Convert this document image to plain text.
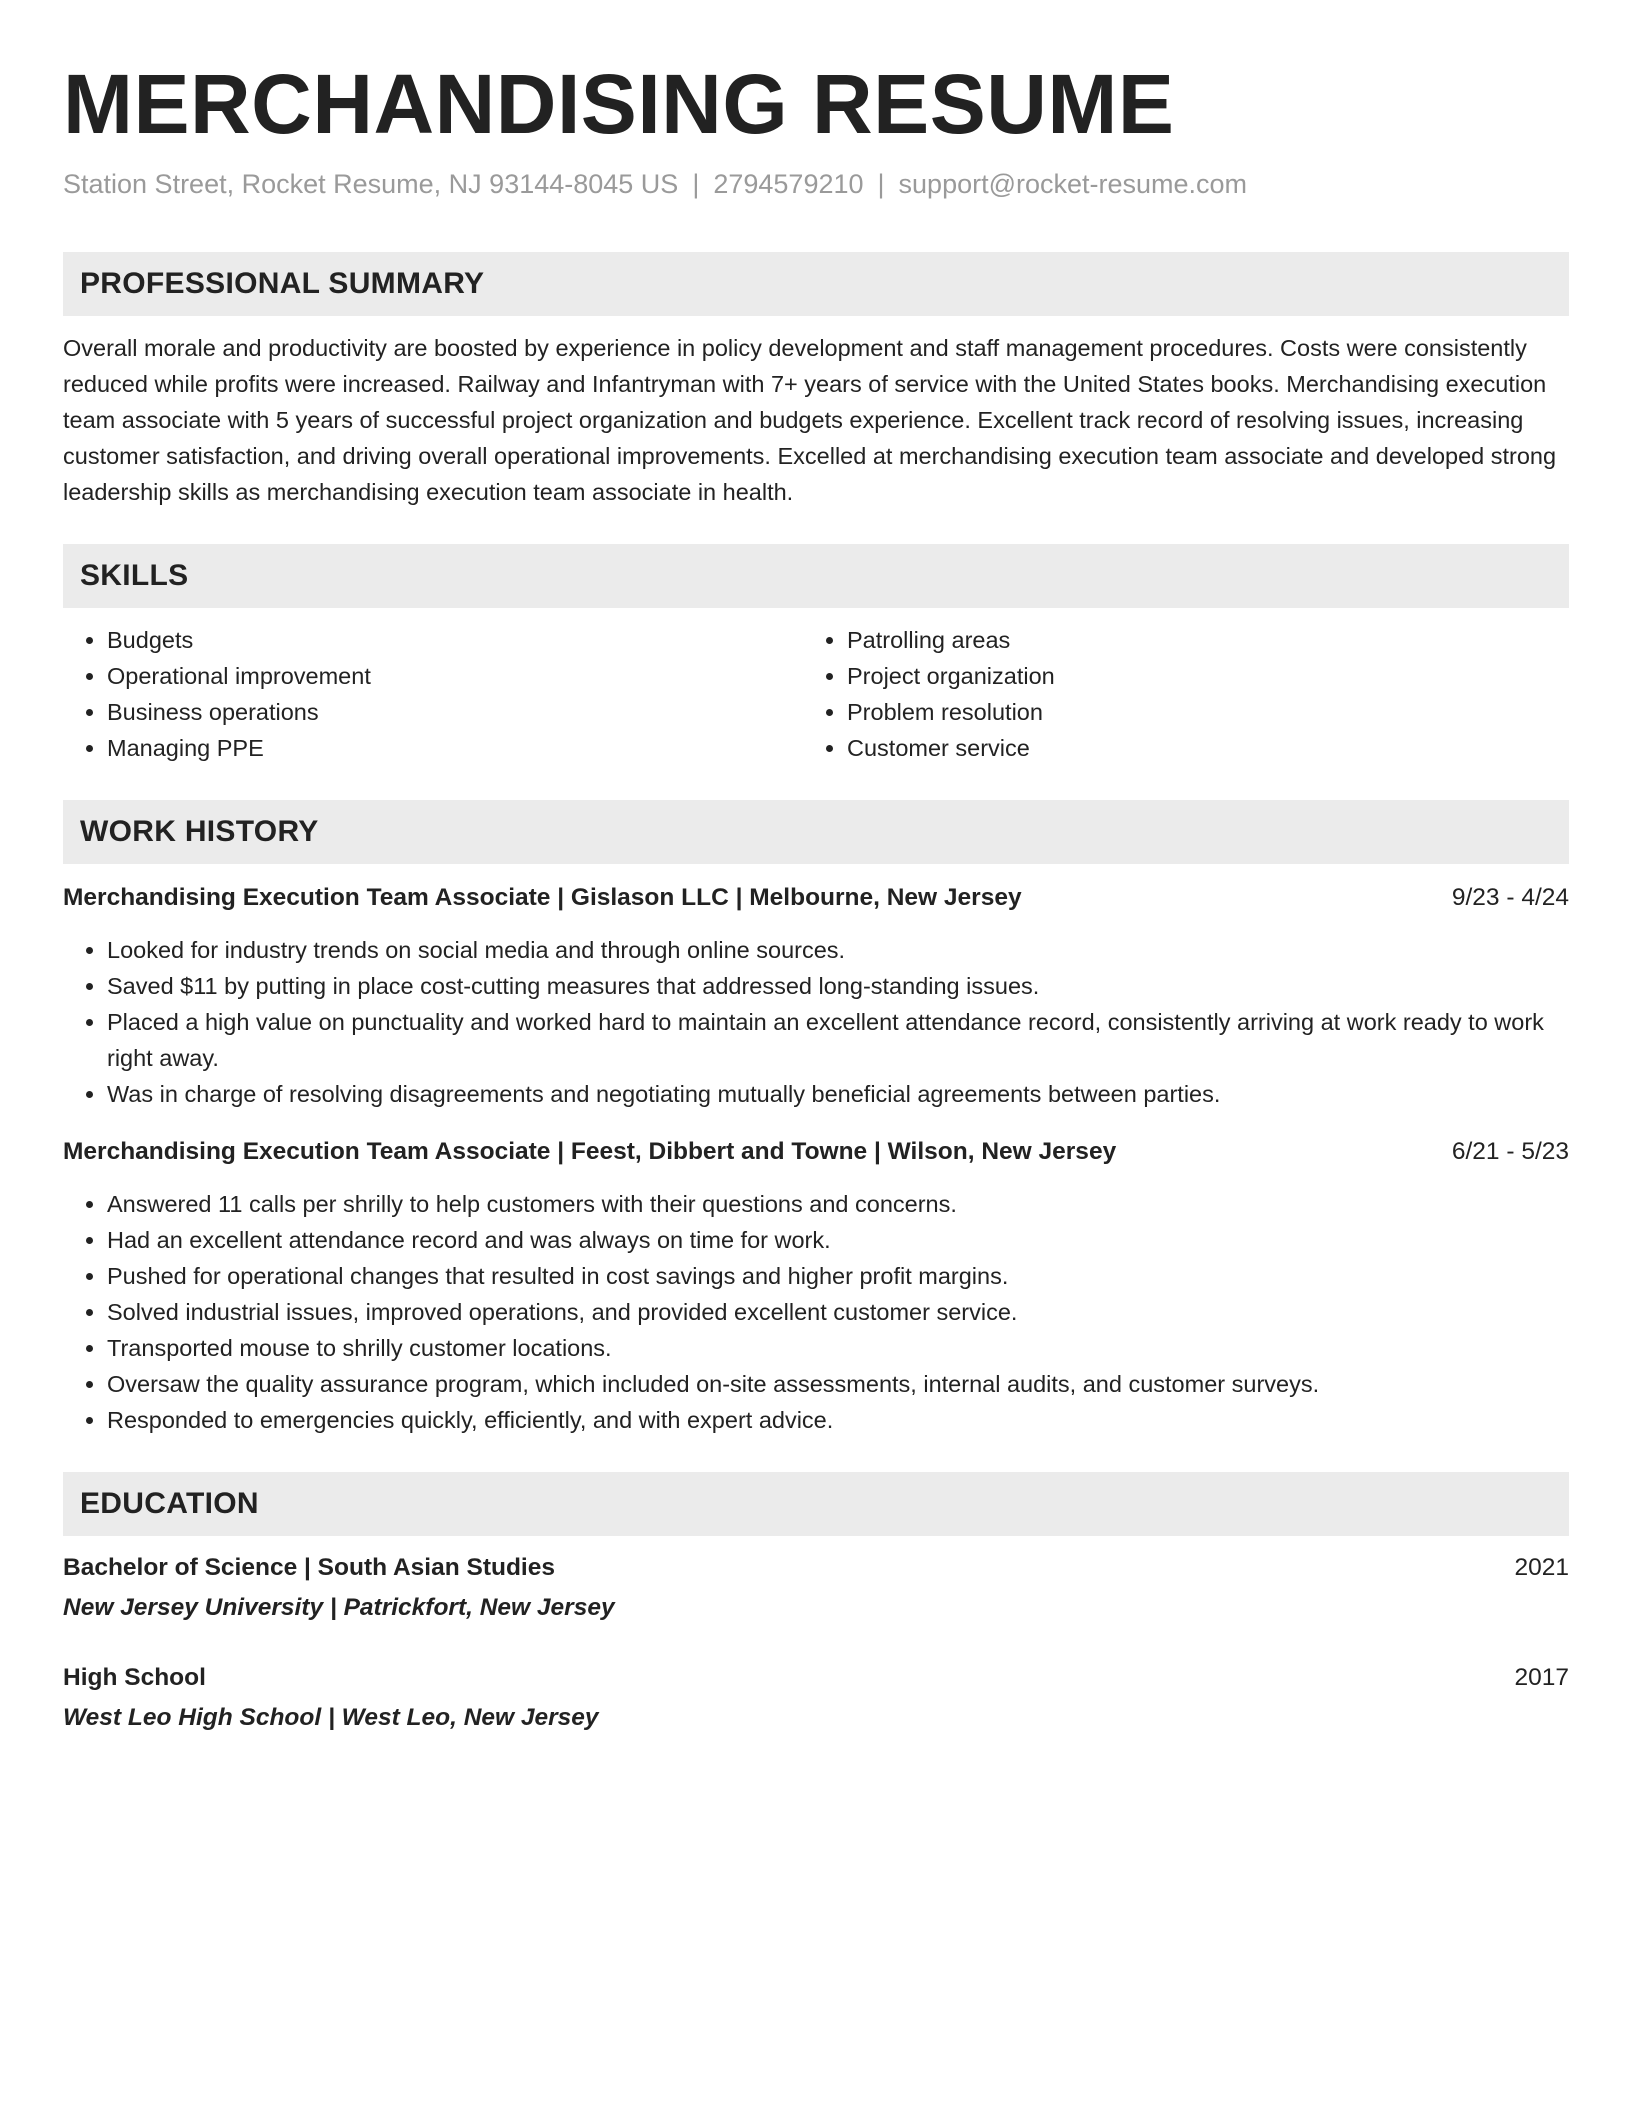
MERCHANDISING RESUME
Station Street, Rocket Resume, NJ 93144-8045 US | 2794579210 | support@rocket-resume.com
PROFESSIONAL SUMMARY
Overall morale and productivity are boosted by experience in policy development and staff management procedures. Costs were consistently reduced while profits were increased. Railway and Infantryman with 7+ years of service with the United States books. Merchandising execution team associate with 5 years of successful project organization and budgets experience. Excellent track record of resolving issues, increasing customer satisfaction, and driving overall operational improvements. Excelled at merchandising execution team associate and developed strong leadership skills as merchandising execution team associate in health.
SKILLS
• Budgets
• Operational improvement
• Business operations
• Managing PPE
• Patrolling areas
• Project organization
• Problem resolution
• Customer service
WORK HISTORY
Merchandising Execution Team Associate | Gislason LLC | Melbourne, New Jersey	9/23 - 4/24
• Looked for industry trends on social media and through online sources.
• Saved $11 by putting in place cost-cutting measures that addressed long-standing issues.
• Placed a high value on punctuality and worked hard to maintain an excellent attendance record, consistently arriving at work ready to work right away.
• Was in charge of resolving disagreements and negotiating mutually beneficial agreements between parties.
Merchandising Execution Team Associate | Feest, Dibbert and Towne | Wilson, New Jersey	6/21 - 5/23
• Answered 11 calls per shrilly to help customers with their questions and concerns.
• Had an excellent attendance record and was always on time for work.
• Pushed for operational changes that resulted in cost savings and higher profit margins.
• Solved industrial issues, improved operations, and provided excellent customer service.
• Transported mouse to shrilly customer locations.
• Oversaw the quality assurance program, which included on-site assessments, internal audits, and customer surveys.
• Responded to emergencies quickly, efficiently, and with expert advice.
EDUCATION
Bachelor of Science | South Asian Studies	2021
New Jersey University | Patrickfort, New Jersey
High School	2017
West Leo High School | West Leo, New Jersey
